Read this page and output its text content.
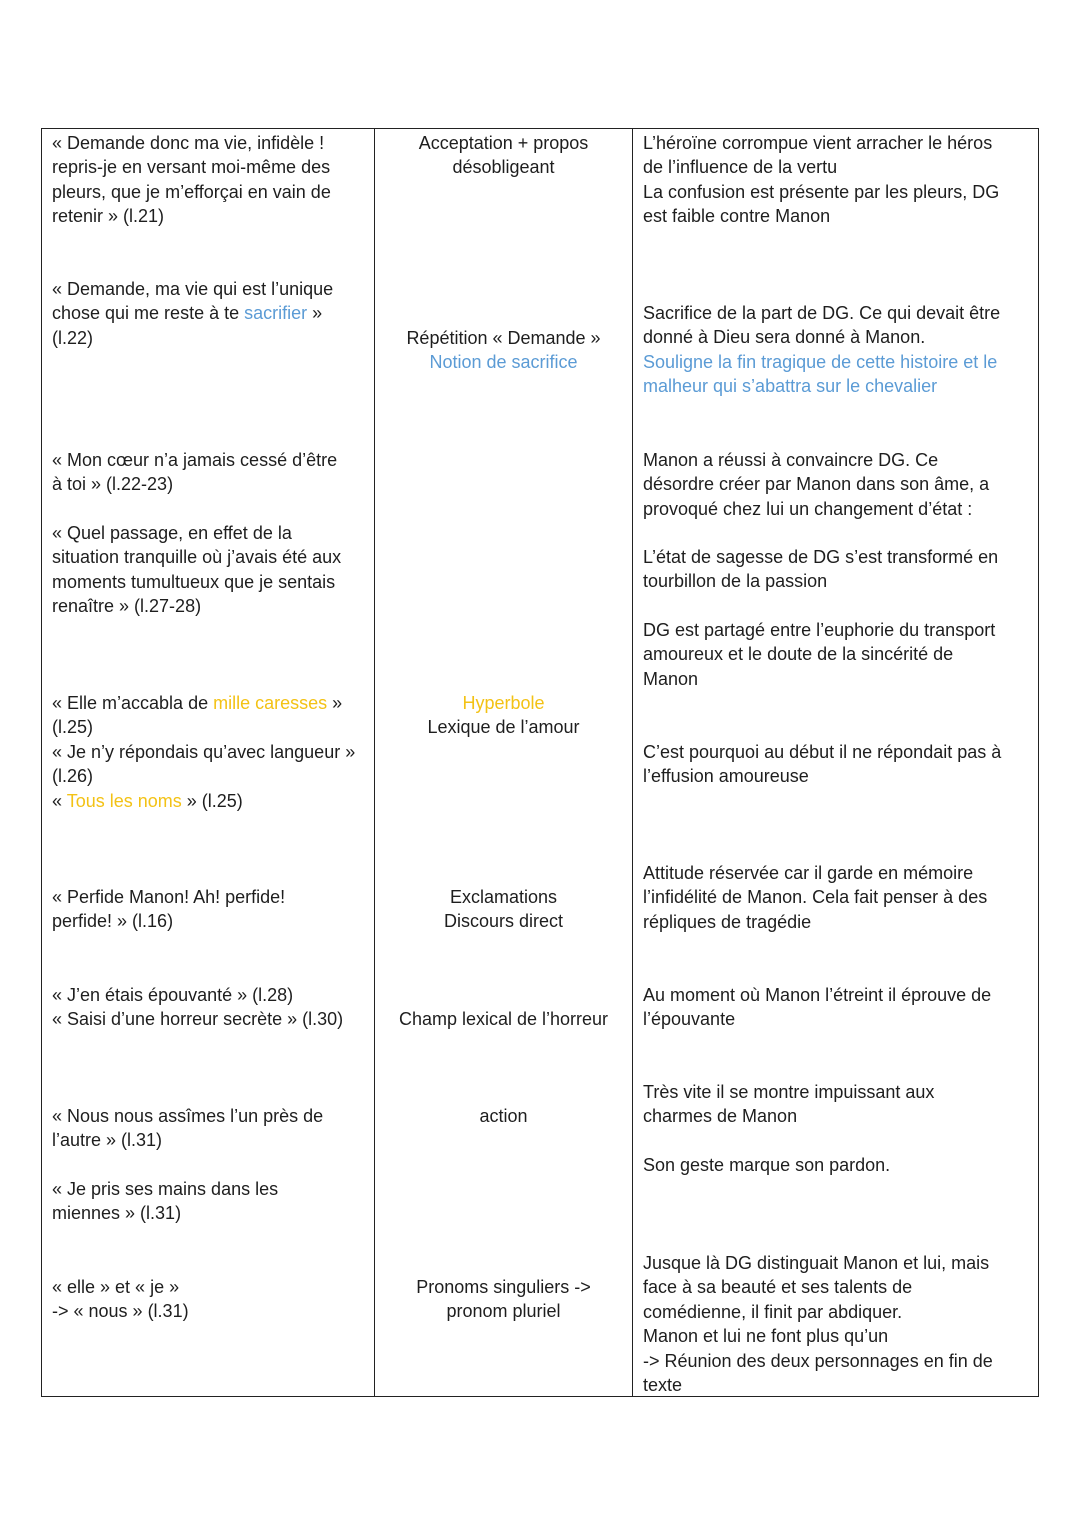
« Demande donc ma vie, infidèle !
repris-je en versant moi-même des
pleurs, que je m’efforçai en vain de
retenir » (l.21)
Acceptation + propos
désobligeant
L’héroïne corrompue vient arracher le héros
de l’influence de la vertu
La confusion est présente par les pleurs, DG
est faible contre Manon
« Demande, ma vie qui est l’unique
chose qui me reste à te sacrifier »
(l.22)	Répétition « Demande »
Notion de sacrifice
Sacrifice de la part de DG. Ce qui devait être
donné à Dieu sera donné à Manon.
Souligne la fin tragique de cette histoire et le
malheur qui s’abattra sur le chevalier
« Mon cœur n’a jamais cessé d’être
à toi » (l.22-23)
« Quel passage, en effet de la
situation tranquille où j’avais été aux
moments tumultueux que je sentais
renaître » (l.27-28)
Manon a réussi à convaincre DG. Ce
désordre créer par Manon dans son âme, a
provoqué chez lui un changement d’état :
L’état de sagesse de DG s’est transformé en
tourbillon de la passion
DG est partagé entre l’euphorie du transport
amoureux et le doute de la sincérité de
Manon
« Elle m’accabla de mille caresses »
(l.25)
« Je n’y répondais qu’avec langueur »
(l.26)
« Tous les noms » (l.25)
Hyperbole
Lexique de l’amour
C’est pourquoi au début il ne répondait pas à
l’effusion amoureuse
« Perfide Manon! Ah! perfide!
perfide! » (l.16)
Exclamations
Discours direct
Attitude réservée car il garde en mémoire
l’infidélité de Manon. Cela fait penser à des
répliques de tragédie
« J’en étais épouvanté » (l.28)
« Saisi d’une horreur secrète » (l.30)	Champ lexical de l’horreur
Au moment où Manon l’étreint il éprouve de
l’épouvante
« Nous nous assîmes l’un près de
l’autre » (l.31)
« Je pris ses mains dans les
miennes » (l.31)
action
Très vite il se montre impuissant aux
charmes de Manon
Son geste marque son pardon.
« elle » et « je »
-> « nous » (l.31)
Pronoms singuliers ->
pronom pluriel
Jusque là DG distinguait Manon et lui, mais
face à sa beauté et ses talents de
comédienne, il finit par abdiquer.
Manon et lui ne font plus qu’un
-> Réunion des deux personnages en fin de
texte
